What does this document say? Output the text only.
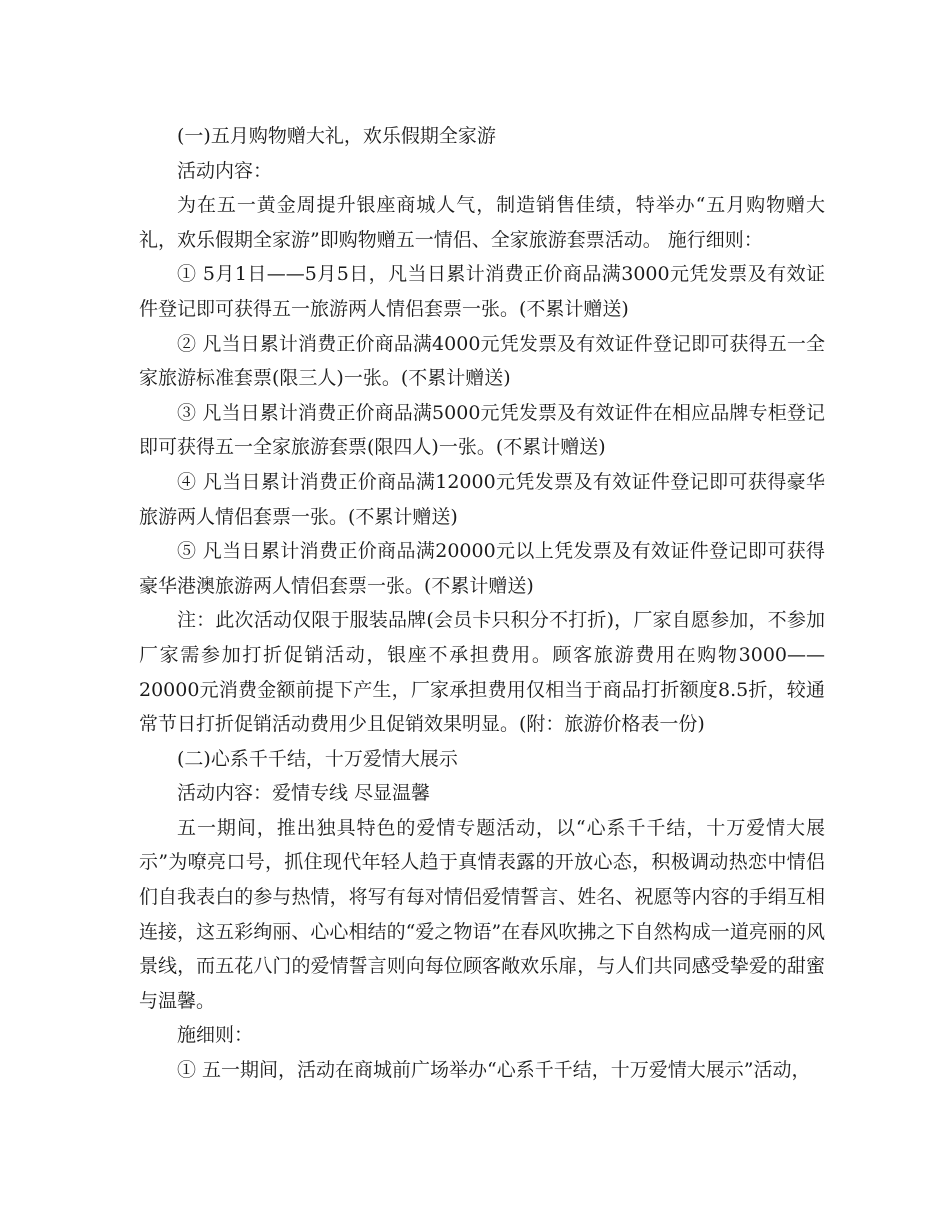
(一)五月购物赠大礼，欢乐假期全家游

活动内容：

为在五一黄金周提升银座商城人气，制造销售佳绩，特举办“五月购物赠大礼，欢乐假期全家游”即购物赠五一情侣、全家旅游套票活动。 施行细则：

① 5月1日——5月5日，凡当日累计消费正价商品满3000元凭发票及有效证件登记即可获得五一旅游两人情侣套票一张。(不累计赠送)

② 凡当日累计消费正价商品满4000元凭发票及有效证件登记即可获得五一全家旅游标准套票(限三人)一张。(不累计赠送)

③ 凡当日累计消费正价商品满5000元凭发票及有效证件在相应品牌专柜登记即可获得五一全家旅游套票(限四人)一张。(不累计赠送)

④ 凡当日累计消费正价商品满12000元凭发票及有效证件登记即可获得豪华旅游两人情侣套票一张。(不累计赠送)

⑤ 凡当日累计消费正价商品满20000元以上凭发票及有效证件登记即可获得豪华港澳旅游两人情侣套票一张。(不累计赠送)

注：此次活动仅限于服装品牌(会员卡只积分不打折)，厂家自愿参加，不参加厂家需参加打折促销活动，银座不承担费用。顾客旅游费用在购物3000——20000元消费金额前提下产生，厂家承担费用仅相当于商品打折额度8.5折，较通常节日打折促销活动费用少且促销效果明显。(附：旅游价格表一份)

(二)心系千千结，十万爱情大展示

活动内容：爱情专线 尽显温馨

五一期间，推出独具特色的爱情专题活动，以“心系千千结，十万爱情大展示”为嘹亮口号，抓住现代年轻人趋于真情表露的开放心态，积极调动热恋中情侣们自我表白的参与热情，将写有每对情侣爱情誓言、姓名、祝愿等内容的手绢互相连接，这五彩绚丽、心心相结的“爱之物语”在春风吹拂之下自然构成一道亮丽的风景线，而五花八门的爱情誓言则向每位顾客敞欢乐扉，与人们共同感受挚爱的甜蜜与温馨。

施细则：

① 五一期间，活动在商城前广场举办“心系千千结，十万爱情大展示”活动，
